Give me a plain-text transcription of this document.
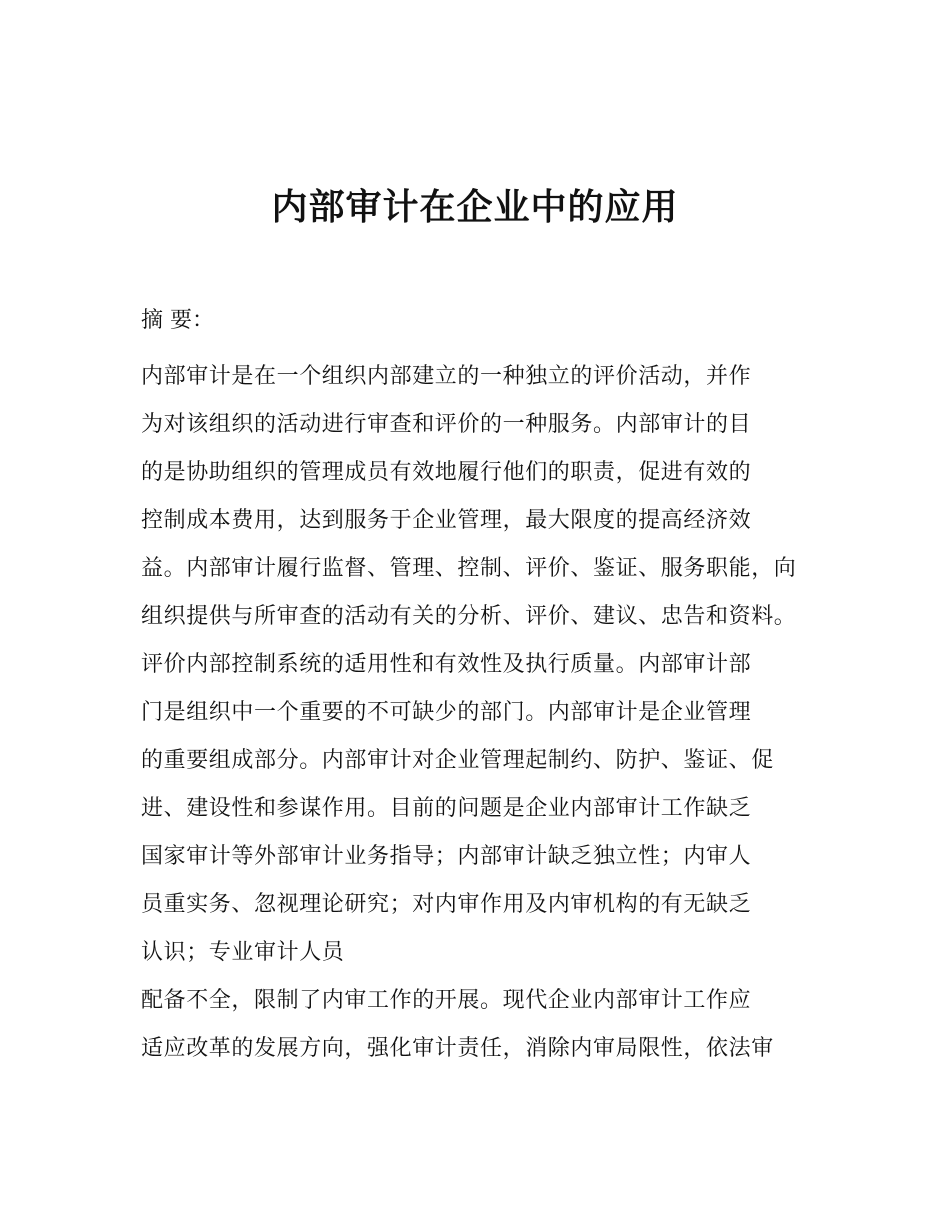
内部审计在企业中的应用
摘 要：
内部审计是在一个组织内部建立的一种独立的评价活动，并作
为对该组织的活动进行审查和评价的一种服务。内部审计的目
的是协助组织的管理成员有效地履行他们的职责，促进有效的
控制成本费用，达到服务于企业管理，最大限度的提高经济效
益。内部审计履行监督、管理、控制、评价、鉴证、服务职能，向
组织提供与所审查的活动有关的分析、评价、建议、忠告和资料。
评价内部控制系统的适用性和有效性及执行质量。内部审计部
门是组织中一个重要的不可缺少的部门。内部审计是企业管理
的重要组成部分。内部审计对企业管理起制约、防护、鉴证、促
进、建设性和参谋作用。目前的问题是企业内部审计工作缺乏
国家审计等外部审计业务指导；内部审计缺乏独立性；内审人
员重实务、忽视理论研究；对内审作用及内审机构的有无缺乏
认识；专业审计人员
配备不全，限制了内审工作的开展。现代企业内部审计工作应
适应改革的发展方向，强化审计责任，消除内审局限性，依法审
